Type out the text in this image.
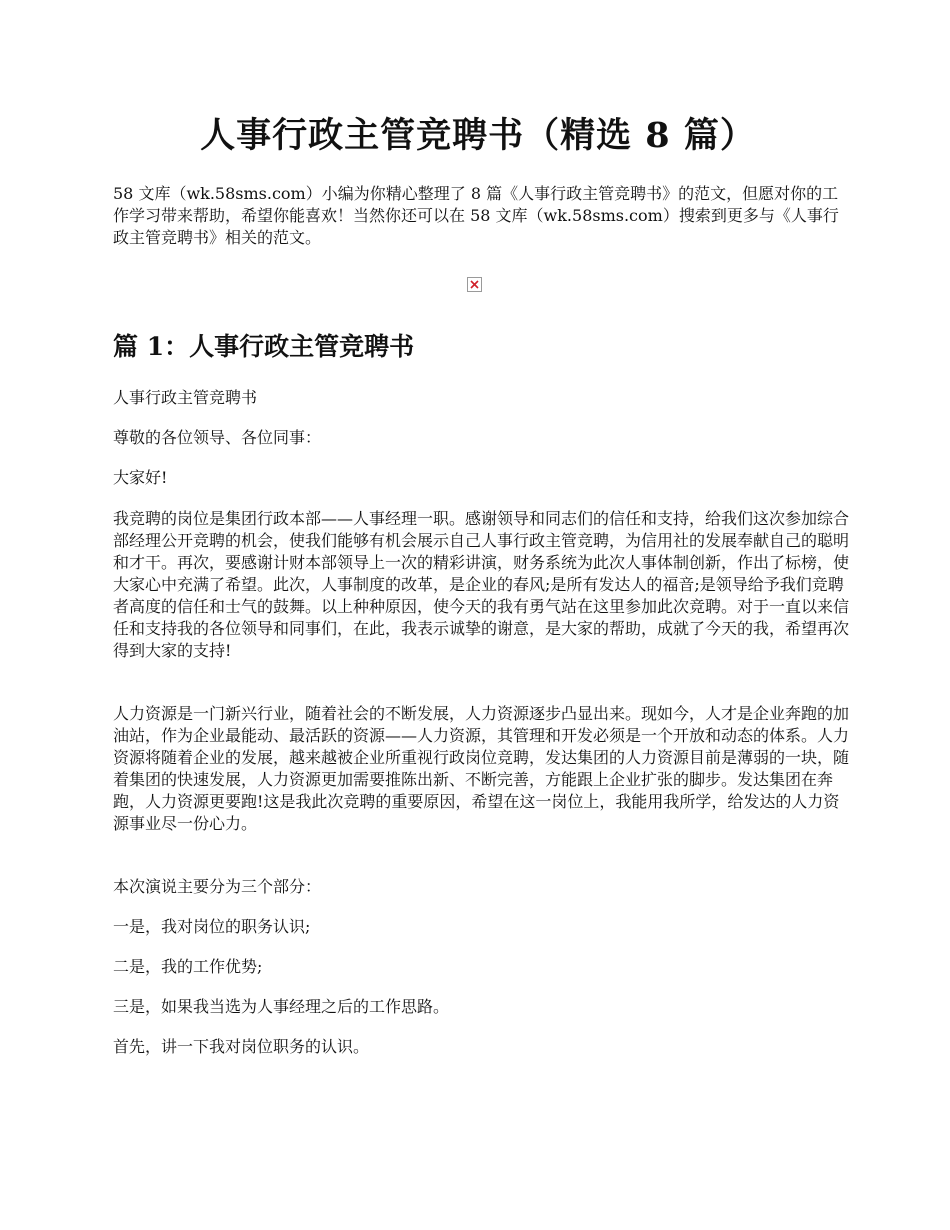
人事行政主管竞聘书（精选 8 篇）

58 文库（wk.58sms.com）小编为你精心整理了 8 篇《人事行政主管竞聘书》的范文，但愿对你的工作学习带来帮助，希望你能喜欢！当然你还可以在 58 文库（wk.58sms.com）搜索到更多与《人事行政主管竞聘书》相关的范文。

篇 1：人事行政主管竞聘书

人事行政主管竞聘书

尊敬的各位领导、各位同事：

大家好!

我竞聘的岗位是集团行政本部——人事经理一职。感谢领导和同志们的信任和支持，给我们这次参加综合部经理公开竞聘的机会，使我们能够有机会展示自己人事行政主管竞聘，为信用社的发展奉献自己的聪明和才干。再次，要感谢计财本部领导上一次的精彩讲演，财务系统为此次人事体制创新，作出了标榜，使大家心中充满了希望。此次，人事制度的改革，是企业的春风;是所有发达人的福音;是领导给予我们竞聘者高度的信任和士气的鼓舞。以上种种原因，使今天的我有勇气站在这里参加此次竞聘。对于一直以来信任和支持我的各位领导和同事们，在此，我表示诚挚的谢意，是大家的帮助，成就了今天的我，希望再次得到大家的支持!

人力资源是一门新兴行业，随着社会的不断发展，人力资源逐步凸显出来。现如今，人才是企业奔跑的加油站，作为企业最能动、最活跃的资源——人力资源，其管理和开发必须是一个开放和动态的体系。人力资源将随着企业的发展，越来越被企业所重视行政岗位竞聘，发达集团的人力资源目前是薄弱的一块，随着集团的快速发展，人力资源更加需要推陈出新、不断完善，方能跟上企业扩张的脚步。发达集团在奔跑，人力资源更要跑!这是我此次竞聘的重要原因，希望在这一岗位上，我能用我所学，给发达的人力资源事业尽一份心力。

本次演说主要分为三个部分：

一是，我对岗位的职务认识;

二是，我的工作优势;

三是，如果我当选为人事经理之后的工作思路。

首先，讲一下我对岗位职务的认识。
